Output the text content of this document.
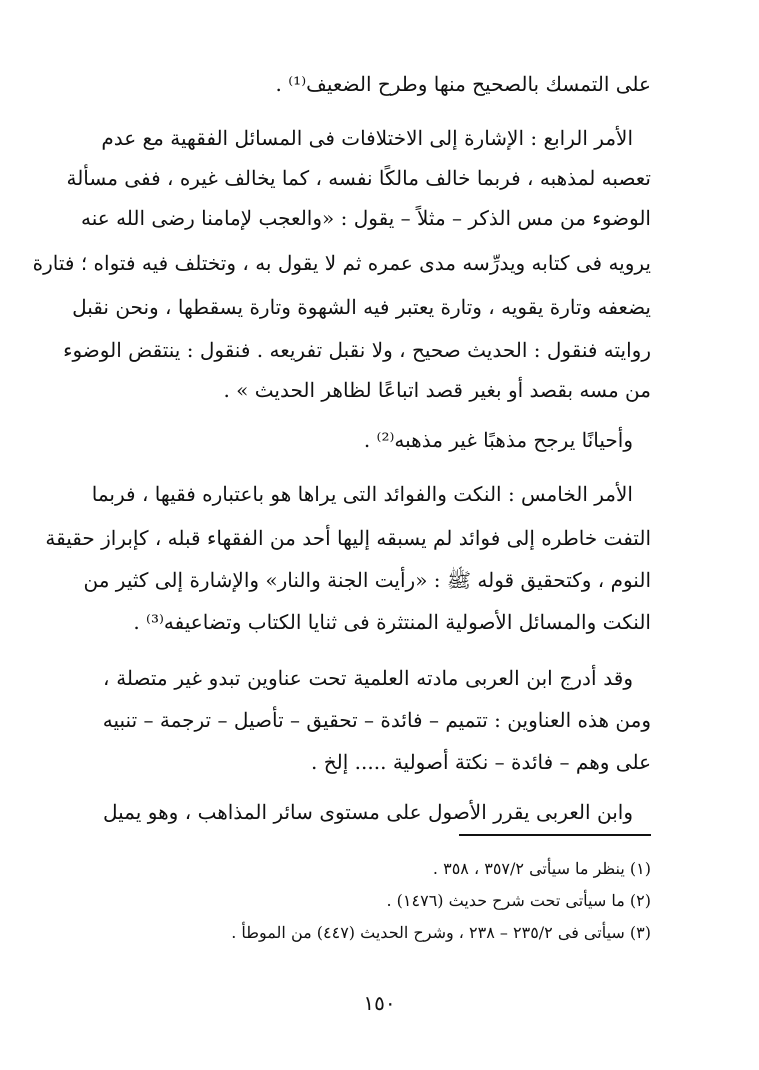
على التمسك بالصحيح منها وطرح الضعيف⁽¹⁾ .
الأمر الرابع : الإشارة إلى الاختلافات فى المسائل الفقهية مع عدم
تعصبه لمذهبه ، فربما خالف مالكًا نفسه ، كما يخالف غيره ، ففى مسألة
الوضوء من مس الذكر – مثلاً – يقول : «والعجب لإمامنا رضى الله عنه
يرويه فى كتابه ويدرِّسه مدى عمره ثم لا يقول به ، وتختلف فيه فتواه ؛ فتارة
يضعفه وتارة يقويه ، وتارة يعتبر فيه الشهوة وتارة يسقطها ، ونحن نقبل
روايته فنقول : الحديث صحيح ، ولا نقبل تفريعه . فنقول : ينتقض الوضوء
من مسه بقصد أو بغير قصد اتباعًا لظاهر الحديث » .
وأحيانًا يرجح مذهبًا غير مذهبه⁽²⁾ .
الأمر الخامس : النكت والفوائد التى يراها هو باعتباره فقيها ، فربما
التفت خاطره إلى فوائد لم يسبقه إليها أحد من الفقهاء قبله ، كإبراز حقيقة
النوم ، وكتحقيق قوله ﷺ : «رأيت الجنة والنار» والإشارة إلى كثير من
النكت والمسائل الأصولية المنتثرة فى ثنايا الكتاب وتضاعيفه⁽³⁾ .
وقد أدرج ابن العربى مادته العلمية تحت عناوين تبدو غير متصلة ،
ومن هذه العناوين : تتميم – فائدة – تحقيق – تأصيل – ترجمة – تنبيه
على وهم – فائدة – نكتة أصولية ..... إلخ .
وابن العربى يقرر الأصول على مستوى سائر المذاهب ، وهو يميل
(١) ينظر ما سيأتى ٣٥٧/٢ ، ٣٥٨ .
(٢) ما سيأتى تحت شرح حديث (١٤٧٦) .
(٣) سيأتى فى ٢٣٥/٢ – ٢٣٨ ، وشرح الحديث (٤٤٧) من الموطأ .
١٥٠
